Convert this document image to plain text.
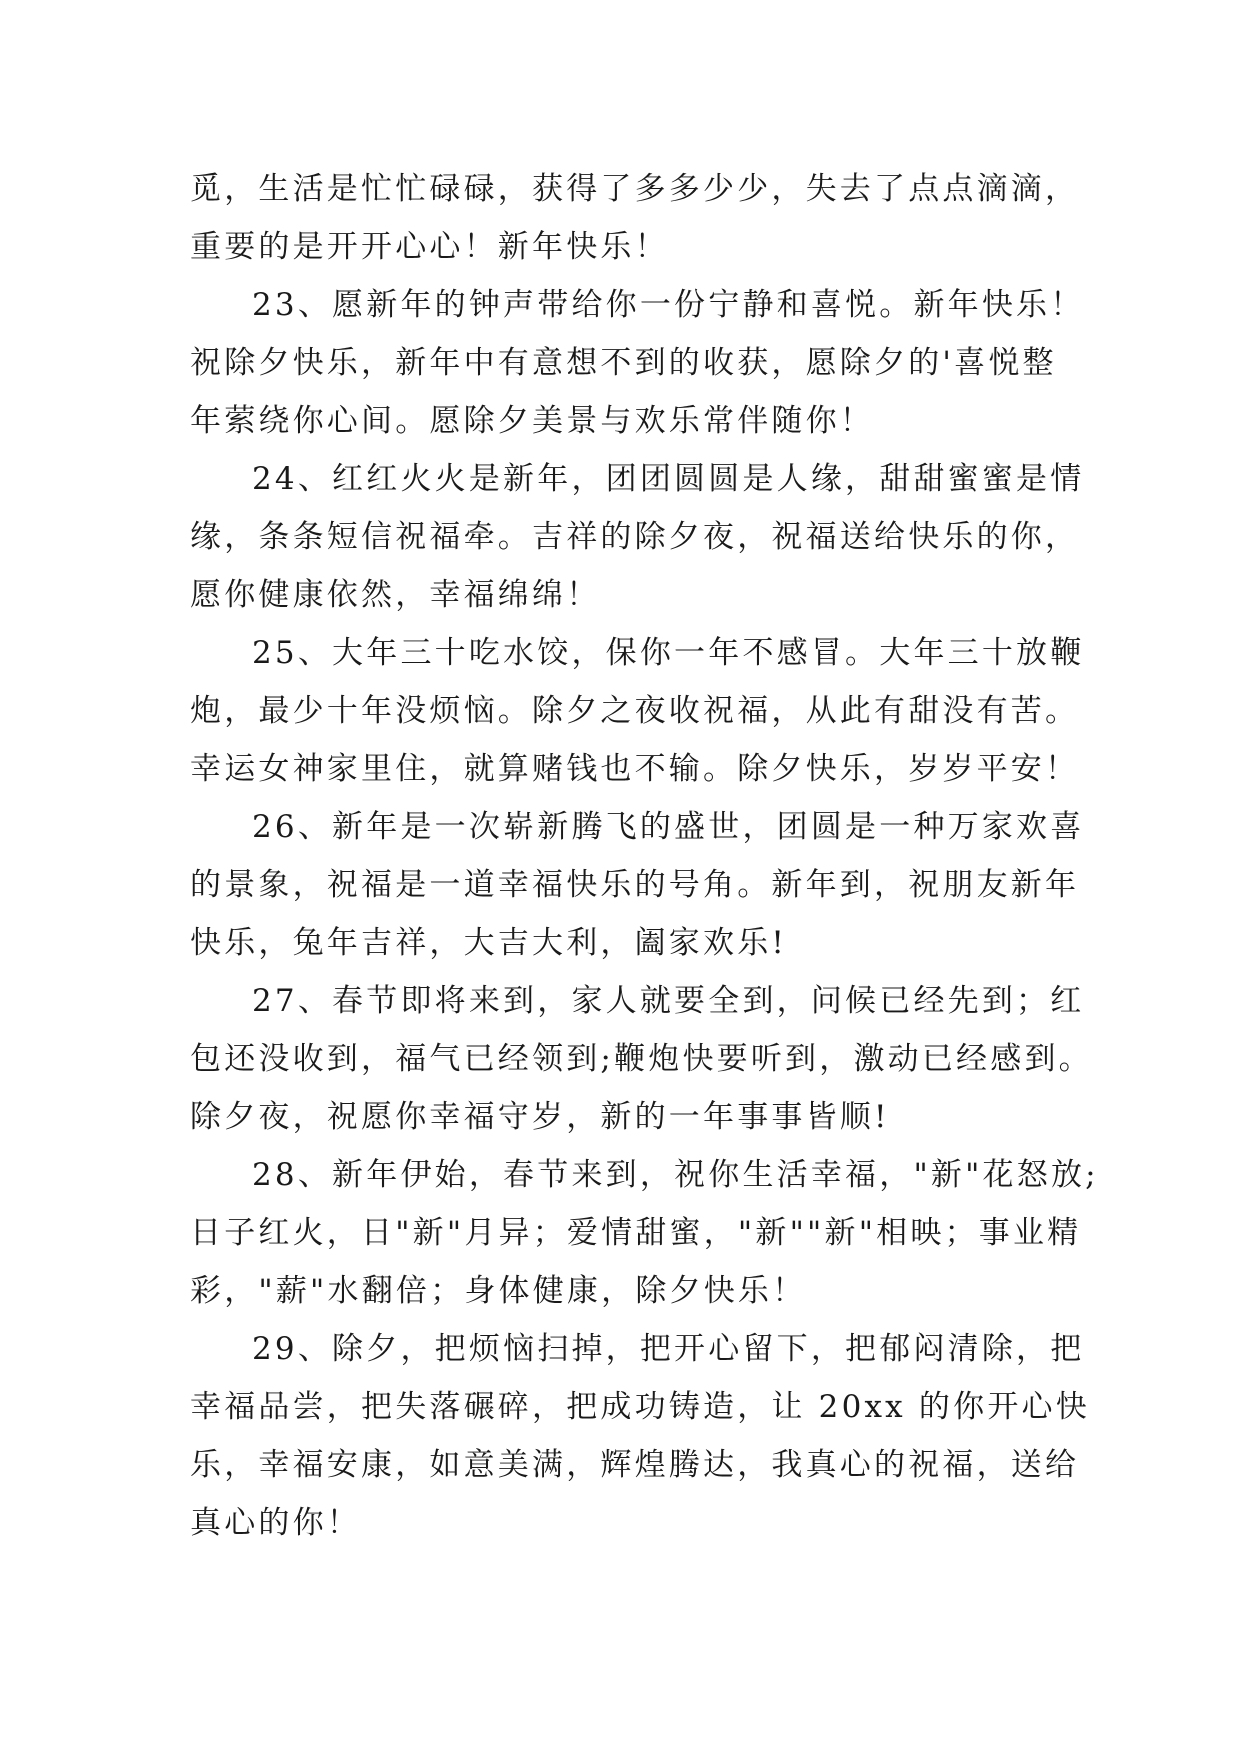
觅，生活是忙忙碌碌，获得了多多少少，失去了点点滴滴，
重要的是开开心心！新年快乐！
23、愿新年的钟声带给你一份宁静和喜悦。新年快乐！
祝除夕快乐，新年中有意想不到的收获，愿除夕的'喜悦整
年萦绕你心间。愿除夕美景与欢乐常伴随你！
24、红红火火是新年，团团圆圆是人缘，甜甜蜜蜜是情
缘，条条短信祝福牵。吉祥的除夕夜，祝福送给快乐的你，
愿你健康依然，幸福绵绵！
25、大年三十吃水饺，保你一年不感冒。大年三十放鞭
炮，最少十年没烦恼。除夕之夜收祝福，从此有甜没有苦。
幸运女神家里住，就算赌钱也不输。除夕快乐，岁岁平安！
26、新年是一次崭新腾飞的盛世，团圆是一种万家欢喜
的景象，祝福是一道幸福快乐的号角。新年到，祝朋友新年
快乐，兔年吉祥，大吉大利，阖家欢乐!
27、春节即将来到，家人就要全到，问候已经先到；红
包还没收到，福气已经领到;鞭炮快要听到，激动已经感到。
除夕夜，祝愿你幸福守岁，新的一年事事皆顺!
28、新年伊始，春节来到，祝你生活幸福，"新"花怒放;
日子红火，日"新"月异；爱情甜蜜，"新""新"相映；事业精
彩，"薪"水翻倍；身体健康，除夕快乐！
29、除夕，把烦恼扫掉，把开心留下，把郁闷清除，把
幸福品尝，把失落碾碎，把成功铸造，让 20xx 的你开心快
乐，幸福安康，如意美满，辉煌腾达，我真心的祝福，送给
真心的你！
